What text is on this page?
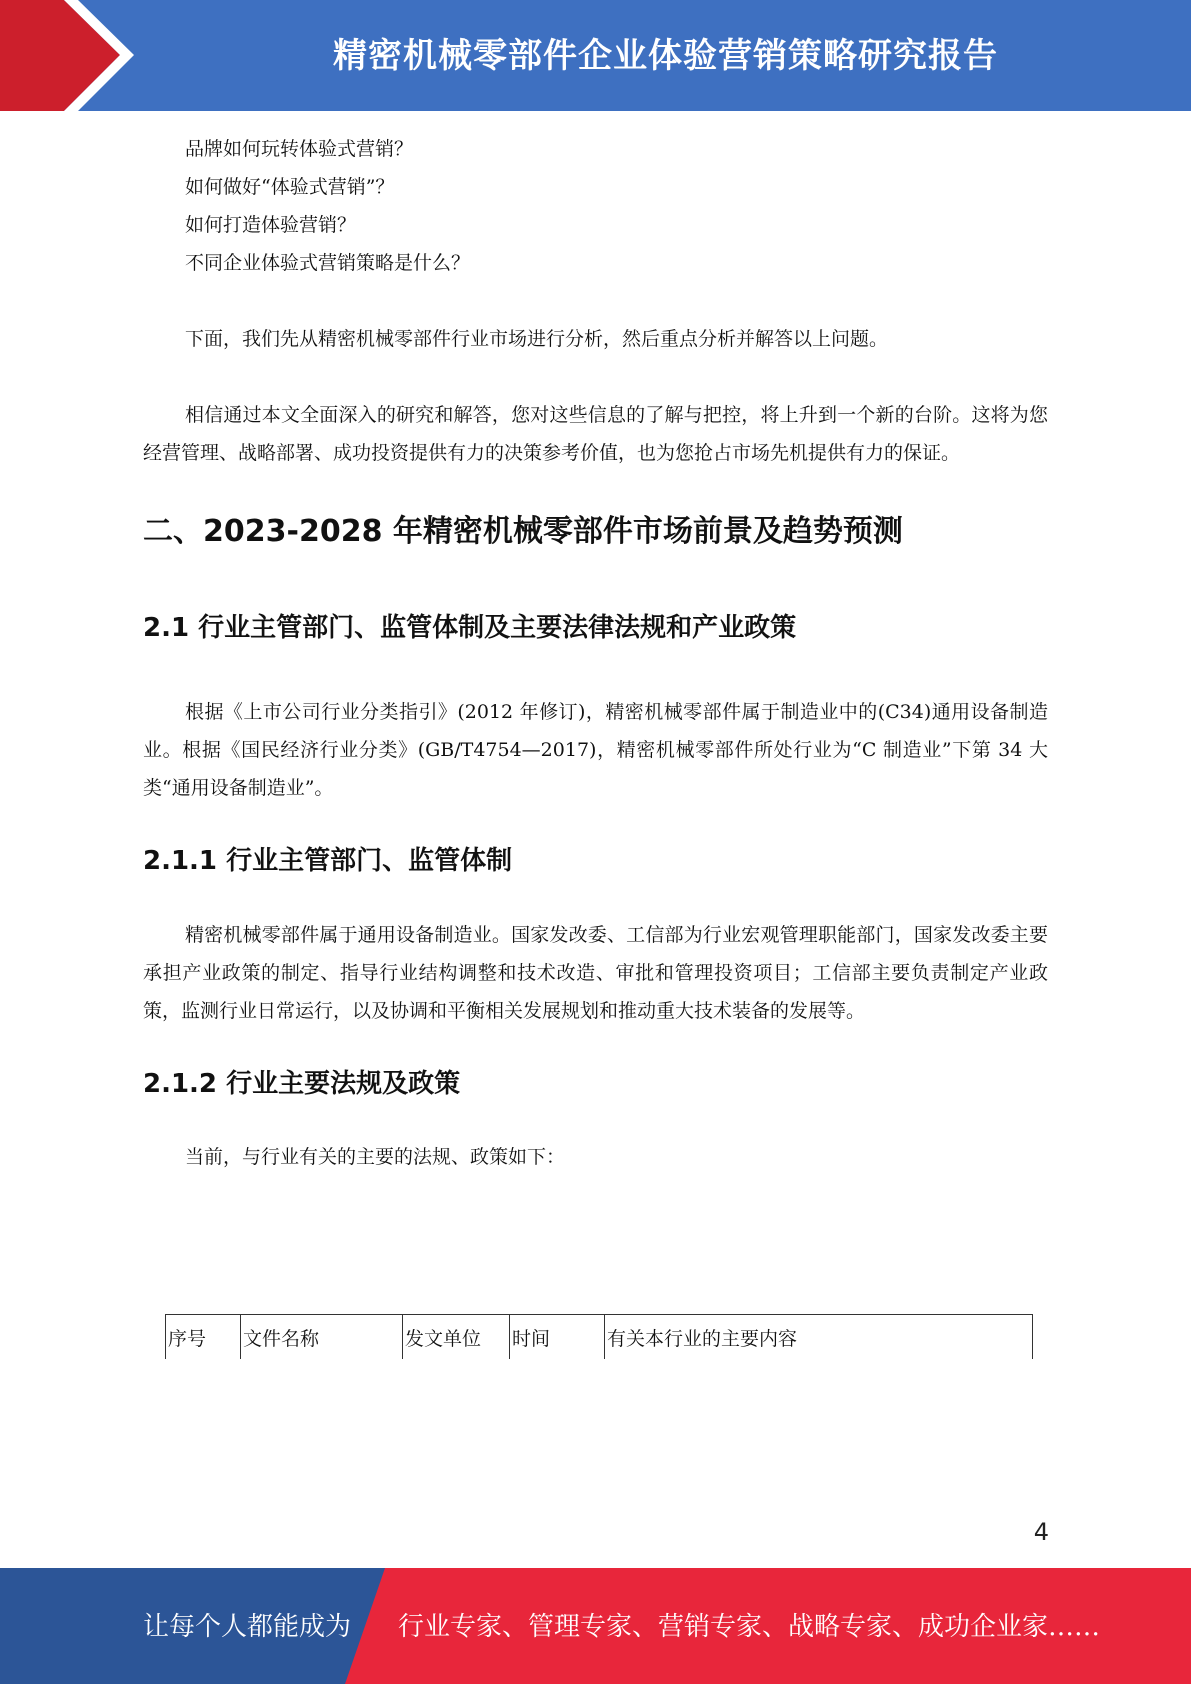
精密机械零部件企业体验营销策略研究报告
品牌如何玩转体验式营销？
如何做好“体验式营销”？
如何打造体验营销？
不同企业体验式营销策略是什么？
下面，我们先从精密机械零部件行业市场进行分析，然后重点分析并解答以上问题。
相信通过本文全面深入的研究和解答，您对这些信息的了解与把控，将上升到一个新的台阶。这将为您经营管理、战略部署、成功投资提供有力的决策参考价值，也为您抢占市场先机提供有力的保证。
二、2023-2028 年精密机械零部件市场前景及趋势预测
2.1 行业主管部门、监管体制及主要法律法规和产业政策
根据《上市公司行业分类指引》(2012 年修订)，精密机械零部件属于制造业中的(C34)通用设备制造业。根据《国民经济行业分类》(GB/T4754—2017)，精密机械零部件所处行业为“C 制造业”下第 34 大类“通用设备制造业”。
2.1.1 行业主管部门、监管体制
精密机械零部件属于通用设备制造业。国家发改委、工信部为行业宏观管理职能部门，国家发改委主要承担产业政策的制定、指导行业结构调整和技术改造、审批和管理投资项目；工信部主要负责制定产业政策，监测行业日常运行，以及协调和平衡相关发展规划和推动重大技术装备的发展等。
2.1.2 行业主要法规及政策
当前，与行业有关的主要的法规、政策如下：
序号	文件名称	发文单位	时间	有关本行业的主要内容
4
让每个人都能成为 行业专家、管理专家、营销专家、战略专家、成功企业家……
